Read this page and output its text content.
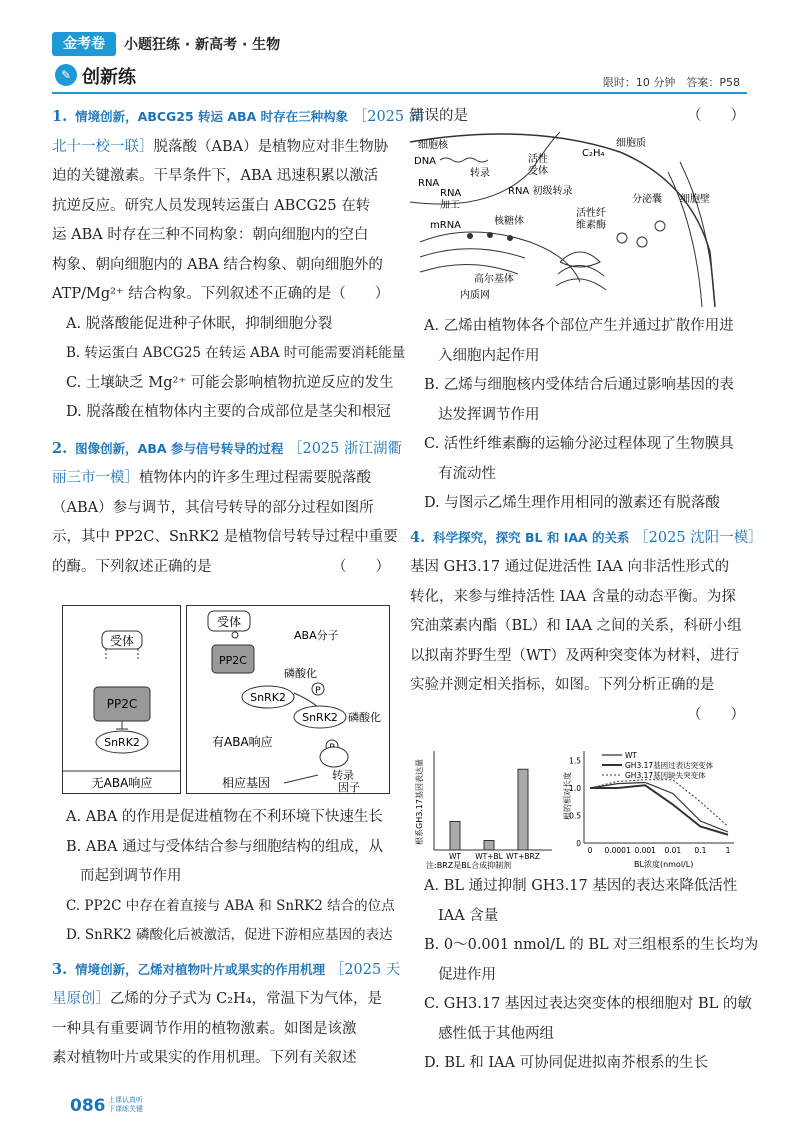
金考卷	小题狂练 · 新高考 · 生物
✎ 创新练	限时：10 分钟　答案：P58
1. 情境创新，ABCG25 转运 ABA 时存在三种构象 ［2025 湖
北十一校一联］脱落酸（ABA）是植物应对非生物胁
迫的关键激素。干旱条件下，ABA 迅速积累以激活
抗逆反应。研究人员发现转运蛋白 ABCG25 在转
运 ABA 时存在三种不同构象：朝向细胞内的空白
构象、朝向细胞内的 ABA 结合构象、朝向细胞外的
ATP/Mg²⁺ 结合构象。下列叙述不正确的是（　　）
A. 脱落酸能促进种子休眠，抑制细胞分裂
B. 转运蛋白 ABCG25 在转运 ABA 时可能需要消耗能量
C. 土壤缺乏 Mg²⁺ 可能会影响植物抗逆反应的发生
D. 脱落酸在植物体内主要的合成部位是茎尖和根冠
2. 图像创新，ABA 参与信号转导的过程 ［2025 浙江湖衢
丽三市一模］植物体内的许多生理过程需要脱落酸
（ABA）参与调节，其信号转导的部分过程如图所
示，其中 PP2C、SnRK2 是植物信号转导过程中重要
的酶。下列叙述正确的是	（　　）
受体
PP2C
SnRK2
无ABA响应
受体
ABA分子
PP2C
磷酸化
SnRK2	P
SnRK2 磷酸化
有ABA响应
相应基因
转录
因子
A. ABA 的作用是促进植物在不利环境下快速生长
B. ABA 通过与受体结合参与细胞结构的组成，从
而起到调节作用
C. PP2C 中存在着直接与 ABA 和 SnRK2 结合的位点
D. SnRK2 磷酸化后被激活，促进下游相应基因的表达
3. 情境创新，乙烯对植物叶片或果实的作用机理 ［2025 天
星原创］乙烯的分子式为 C₂H₄，常温下为气体，是
一种具有重要调节作用的植物激素。如图是该激
素对植物叶片或果实的作用机理。下列有关叙述
错误的是	（　　）
细胞核
DNA
转录
RNA
RNA
加工
RNA 初级转录
核糖体
活性
受体
C₂H₄
细胞质
mRNA
高尔基体
内质网
活性纤
维素酶
分泌囊 细胞壁
A. 乙烯由植物体各个部位产生并通过扩散作用进
入细胞内起作用
B. 乙烯与细胞核内受体结合后通过影响基因的表
达发挥调节作用
C. 活性纤维素酶的运输分泌过程体现了生物膜具
有流动性
D. 与图示乙烯生理作用相同的激素还有脱落酸
4. 科学探究，探究 BL 和 IAA 的关系 ［2025 沈阳一模］
基因 GH3.17 通过促进活性 IAA 向非活性形式的
转化，来参与维持活性 IAA 含量的动态平衡。为探
究油菜素内酯（BL）和 IAA 之间的关系，科研小组
以拟南芥野生型（WT）及两种突变体为材料，进行
实验并测定相关指标，如图。下列分析正确的是
（　　）
根系GH3.17基因表达量
注:BRZ是BL合成抑制剂
WT WT+BL WT+BRZ
根的相对长度
BL浓度(nmol/L)
0
0.5
1.0
1.5
0 0.0001 0.001 0.01 0.1	1
WT
GH3.17基因过表达突变体
GH3.17基因缺失突变体
A. BL 通过抑制 GH3.17 基因的表达来降低活性
IAA 含量
B. 0～0.001 nmol/L 的 BL 对三组根系的生长均为
促进作用
C. GH3.17 基因过表达突变体的根细胞对 BL 的敏
感性低于其他两组
D. BL 和 IAA 可协同促进拟南芥根系的生长
086 上课认真听
下课练关键
